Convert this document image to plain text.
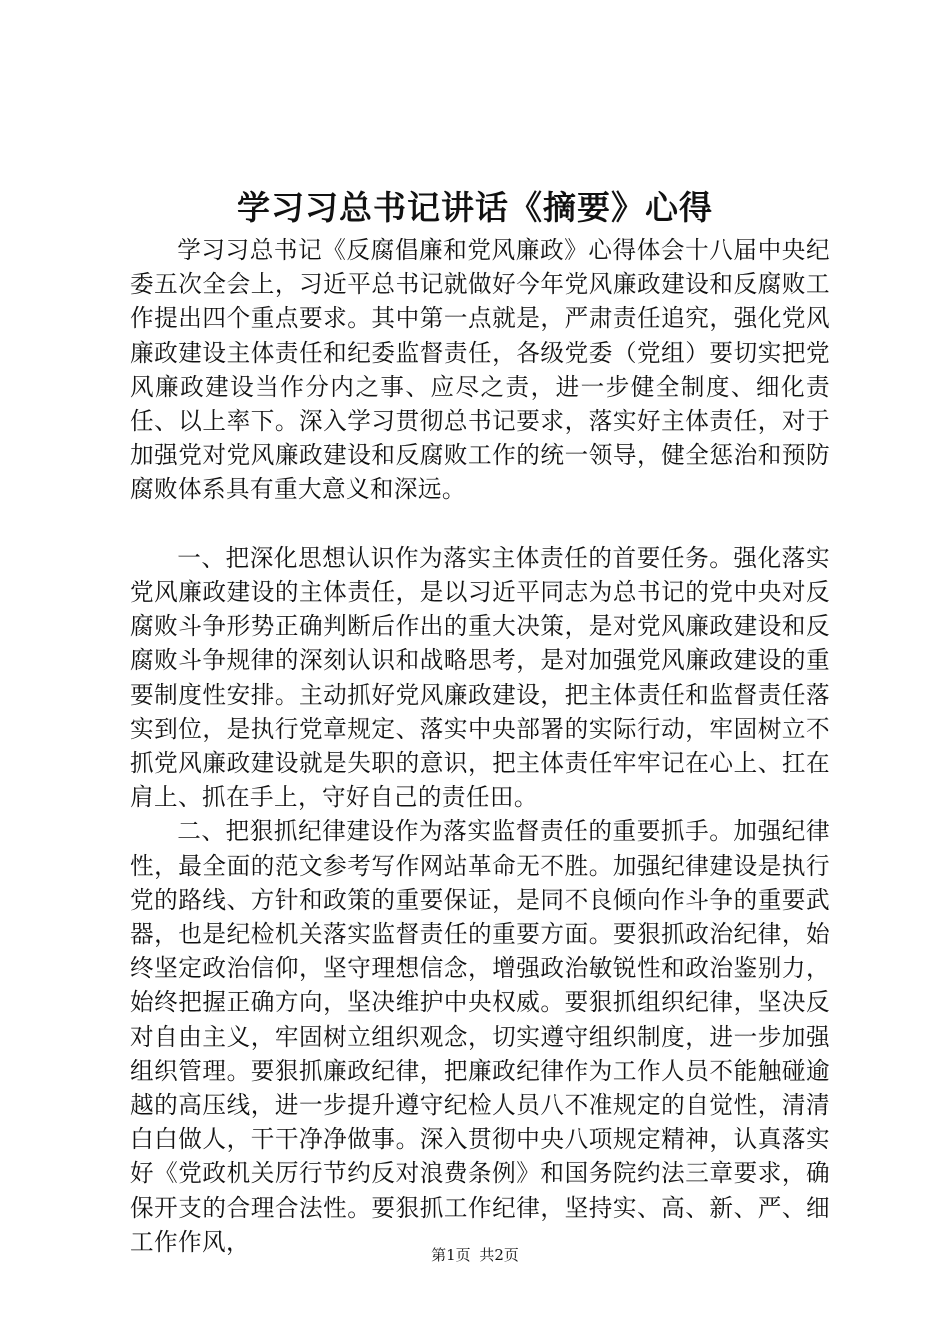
学习习总书记讲话《摘要》心得

学习习总书记《反腐倡廉和党风廉政》心得体会十八届中央纪委五次全会上，习近平总书记就做好今年党风廉政建设和反腐败工作提出四个重点要求。其中第一点就是，严肃责任追究，强化党风廉政建设主体责任和纪委监督责任，各级党委（党组）要切实把党风廉政建设当作分内之事、应尽之责，进一步健全制度、细化责任、以上率下。深入学习贯彻总书记要求，落实好主体责任，对于加强党对党风廉政建设和反腐败工作的统一领导，健全惩治和预防腐败体系具有重大意义和深远。

一、把深化思想认识作为落实主体责任的首要任务。强化落实党风廉政建设的主体责任，是以习近平同志为总书记的党中央对反腐败斗争形势正确判断后作出的重大决策，是对党风廉政建设和反腐败斗争规律的深刻认识和战略思考，是对加强党风廉政建设的重要制度性安排。主动抓好党风廉政建设，把主体责任和监督责任落实到位，是执行党章规定、落实中央部署的实际行动，牢固树立不抓党风廉政建设就是失职的意识，把主体责任牢牢记在心上、扛在肩上、抓在手上，守好自己的责任田。

二、把狠抓纪律建设作为落实监督责任的重要抓手。加强纪律性，最全面的范文参考写作网站革命无不胜。加强纪律建设是执行党的路线、方针和政策的重要保证，是同不良倾向作斗争的重要武器，也是纪检机关落实监督责任的重要方面。要狠抓政治纪律，始终坚定政治信仰，坚守理想信念，增强政治敏锐性和政治鉴别力，始终把握正确方向，坚决维护中央权威。要狠抓组织纪律，坚决反对自由主义，牢固树立组织观念，切实遵守组织制度，进一步加强组织管理。要狠抓廉政纪律，把廉政纪律作为工作人员不能触碰逾越的高压线，进一步提升遵守纪检人员八不准规定的自觉性，清清白白做人，干干净净做事。深入贯彻中央八项规定精神，认真落实好《党政机关厉行节约反对浪费条例》和国务院约法三章要求，确保开支的合理合法性。要狠抓工作纪律，坚持实、高、新、严、细工作作风，	第1页 共2页
